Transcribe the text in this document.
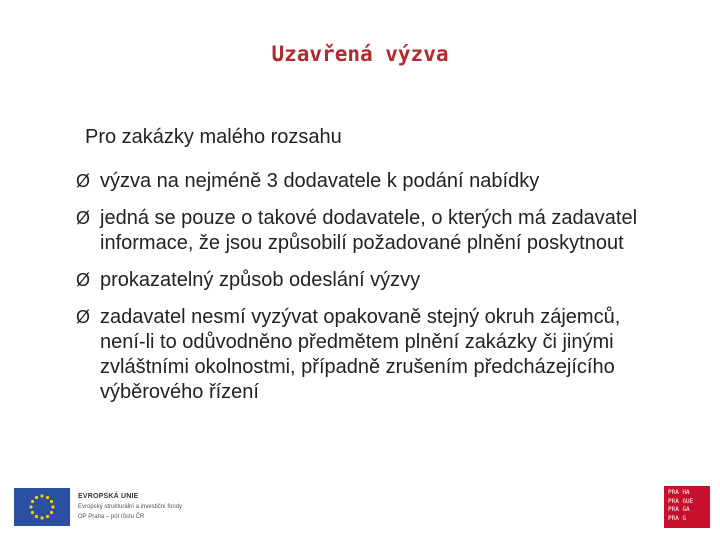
Uzavřená výzva
Pro zakázky malého rozsahu
Ø výzva na nejméně 3 dodavatele k podání nabídky
Ø jedná se pouze o takové dodavatele, o kterých má zadavatel informace, že jsou způsobilí požadované plnění poskytnout
Ø prokazatelný způsob odeslání výzvy
Ø zadavatel nesmí vyzývat opakovaně stejný okruh zájemců, není-li to odůvodněno předmětem plnění zakázky či jinými zvláštními okolnostmi, případně zrušením předcházejícího výběrového řízení
EVROPSKÁ UNIE
Evropský strukturální a investiční fondy
OP Praha – pól růstu ČR
PRA HA
PRA GUE
PRA GA
PRA G
